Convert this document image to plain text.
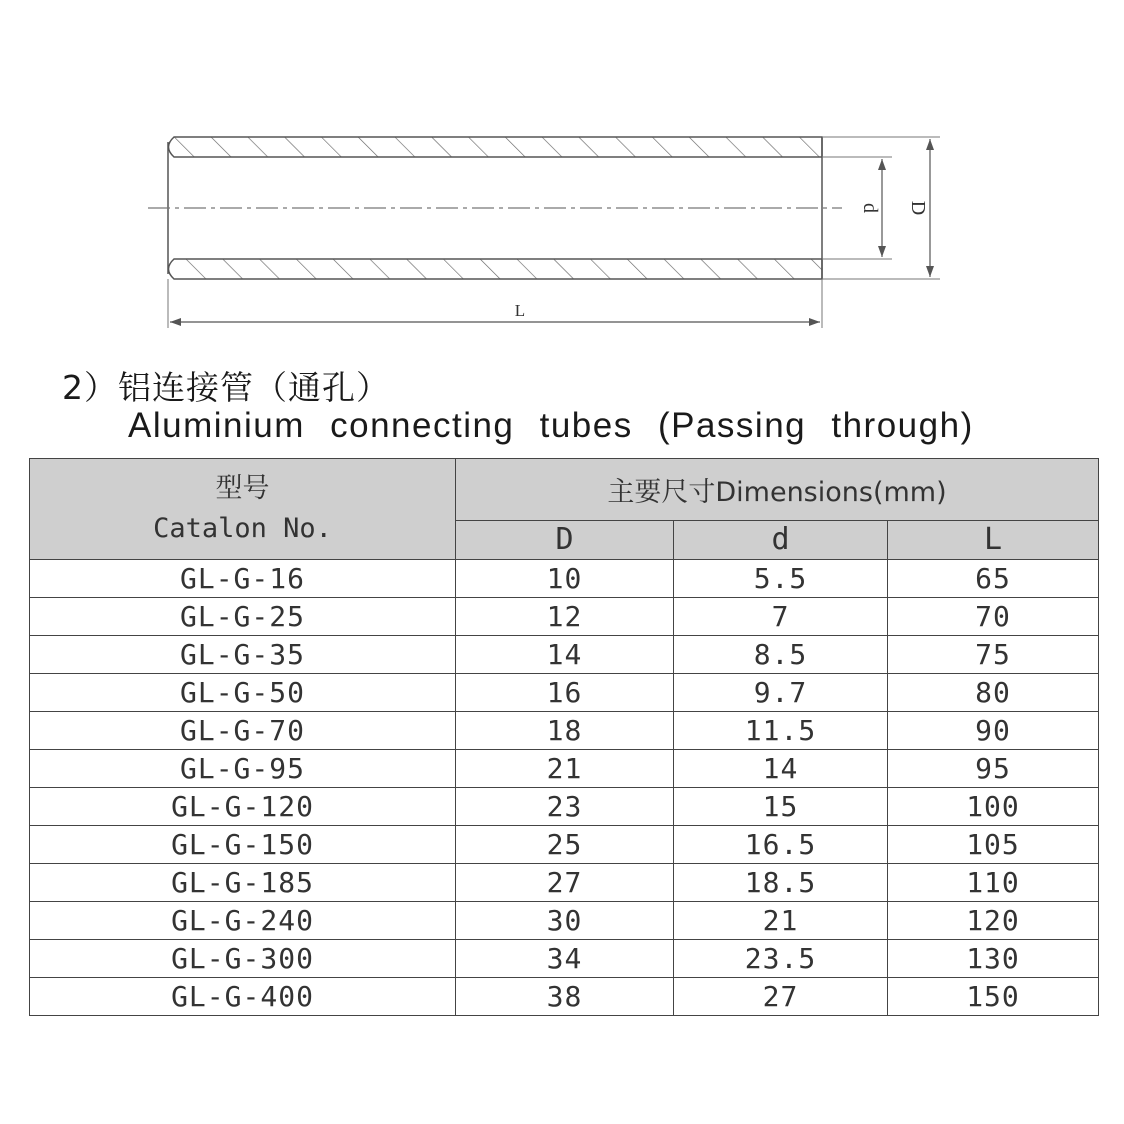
D
d
L
2）铝连接管（通孔）
Aluminium connecting tubes (Passing through)
型号
Catalon No.	主要尺寸Dimensions(mm)		
	D	d	L
GL-G-16	10	5.5	65
GL-G-25	12	7	70
GL-G-35	14	8.5	75
GL-G-50	16	9.7	80
GL-G-70	18	11.5	90
GL-G-95	21	14	95
GL-G-120	23	15	100
GL-G-150	25	16.5	105
GL-G-185	27	18.5	110
GL-G-240	30	21	120
GL-G-300	34	23.5	130
GL-G-400	38	27	150
